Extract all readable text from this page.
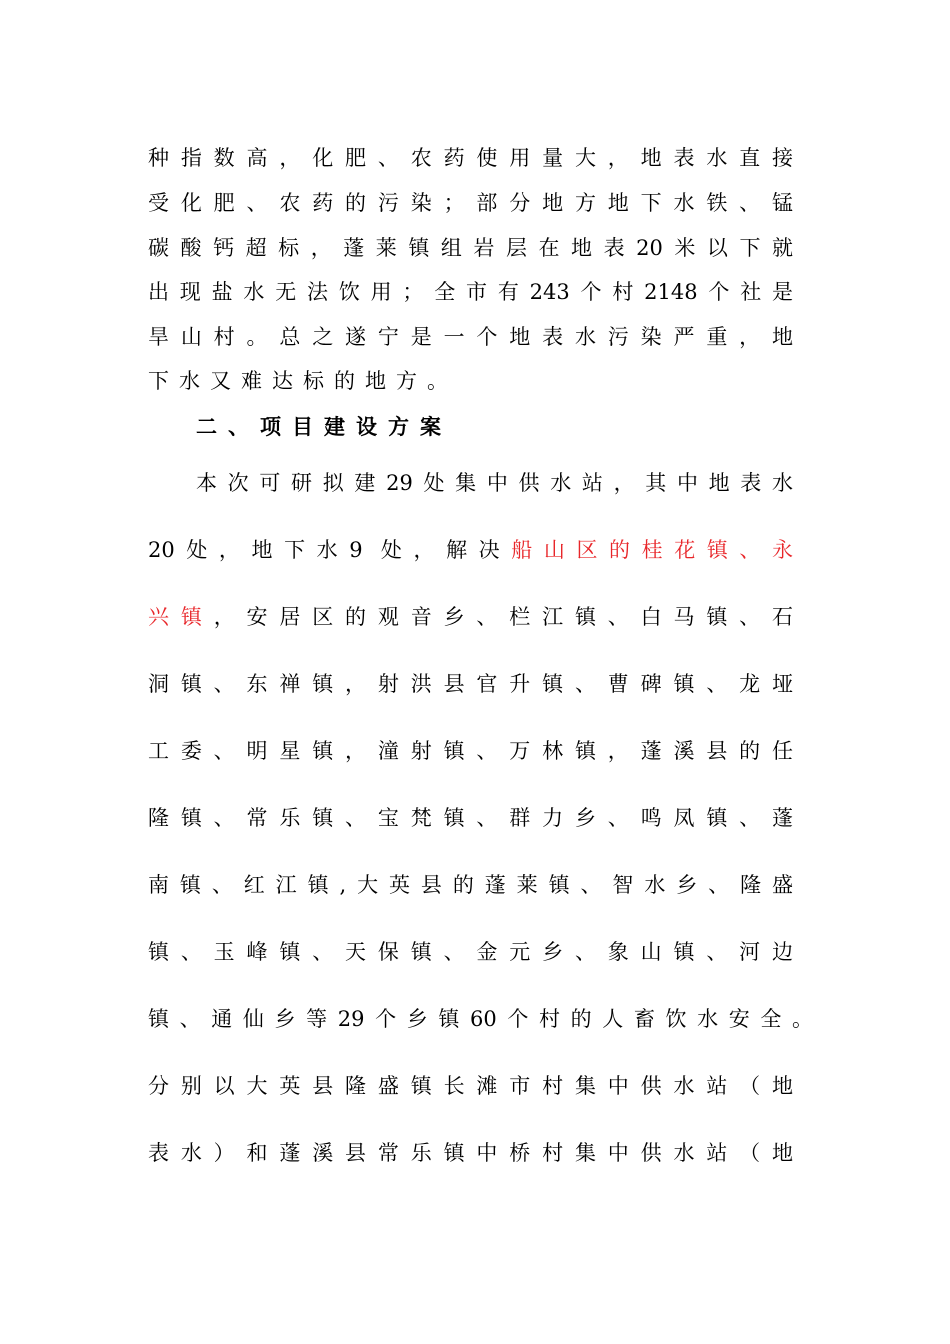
种指数高，化肥、农药使用量大，地表水直接
受化肥、农药的污染；部分地方地下水铁、锰
碳酸钙超标，蓬莱镇组岩层在地表20米以下就
出现盐水无法饮用；全市有243个村2148个社是
旱山村。总之遂宁是一个地表水污染严重，地
下水又难达标的地方。
二、项目建设方案
本次可研拟建29处集中供水站，其中地表水
20处，地下水9 处，解决船山区的桂花镇、永
兴镇，安居区的观音乡、栏江镇、白马镇、石
洞镇、东禅镇，射洪县官升镇、曹碑镇、龙垭
工委、明星镇，潼射镇、万林镇，蓬溪县的任
隆镇、常乐镇、宝梵镇、群力乡、鸣凤镇、蓬
南镇、红江镇,大英县的蓬莱镇、智水乡、隆盛
镇、玉峰镇、天保镇、金元乡、象山镇、河边
镇、通仙乡等29个乡镇60个村的人畜饮水安全。
分别以大英县隆盛镇长滩市村集中供水站（地
表水）和蓬溪县常乐镇中桥村集中供水站（地
